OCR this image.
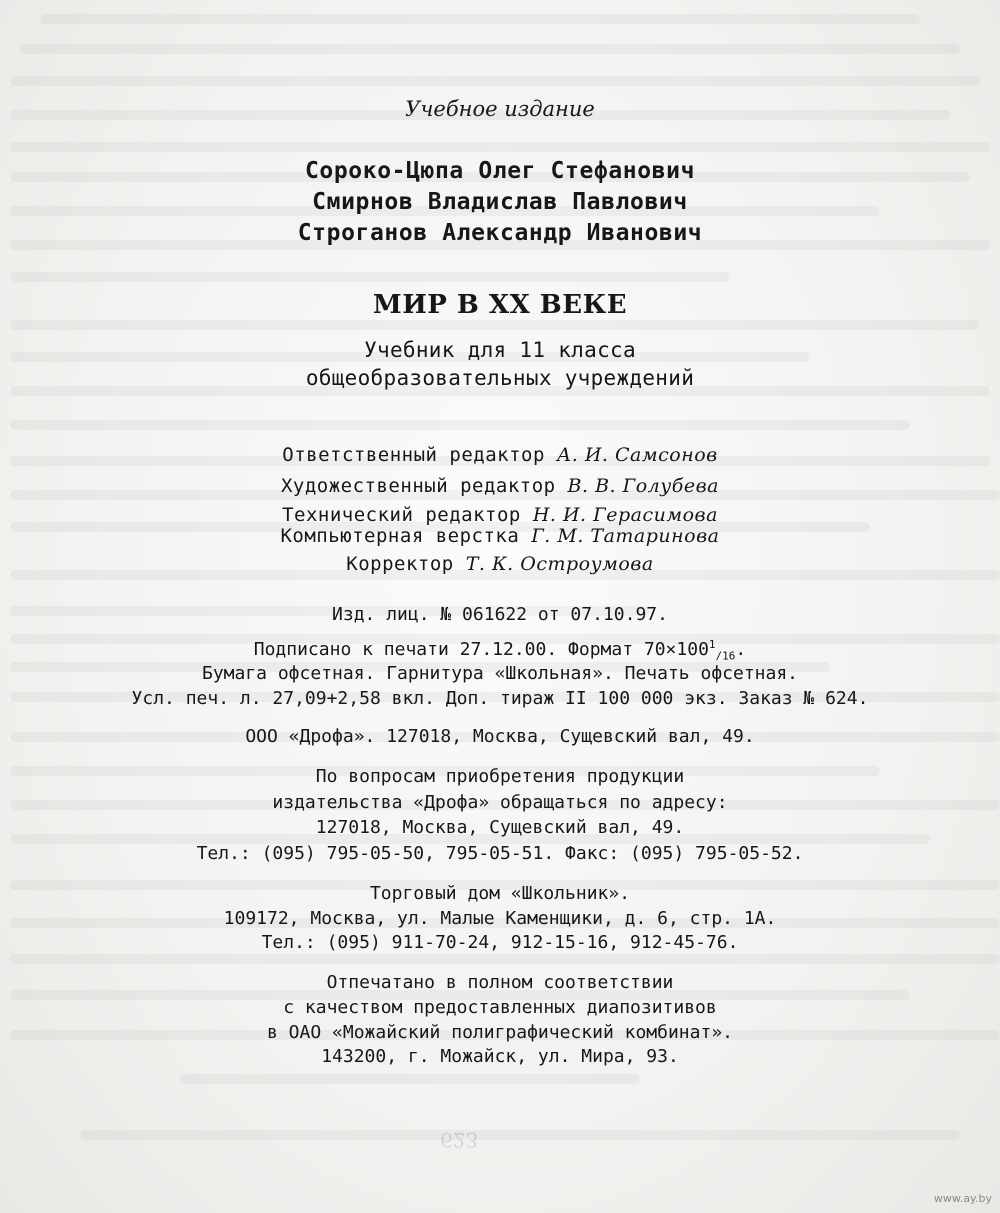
623
Учебное издание
Сороко-Цюпа Олег Стефанович
Смирнов Владислав Павлович
Строганов Александр Иванович
МИР В XX ВЕКЕ
Учебник для 11 класса
общеобразовательных учреждений
Ответственный редактор А. И. Самсонов
Художественный редактор В. В. Голубева
Технический редактор Н. И. Герасимова
Компьютерная верстка Г. М. Татаринова
Корректор Т. К. Остроумова
Изд. лиц. № 061622 от 07.10.97.
Подписано к печати 27.12.00. Формат $70\times 100^1_{/16}$.
Бумага офсетная. Гарнитура «Школьная». Печать офсетная.
Усл. печ. л. 27,09+2,58 вкл. Доп. тираж II 100 000 экз. Заказ № 624.
ООО «Дрофа». 127018, Москва, Сущевский вал, 49.
По вопросам приобретения продукции
издательства «Дрофа» обращаться по адресу:
127018, Москва, Сущевский вал, 49.
Тел.: (095) 795-05-50, 795-05-51. Факс: (095) 795-05-52.
Торговый дом «Школьник».
109172, Москва, ул. Малые Каменщики, д. 6, стр. 1А.
Тел.: (095) 911-70-24, 912-15-16, 912-45-76.
Отпечатано в полном соответствии
с качеством предоставленных диапозитивов
в ОАО «Можайский полиграфический комбинат».
143200, г. Можайск, ул. Мира, 93.
www.ay.by
